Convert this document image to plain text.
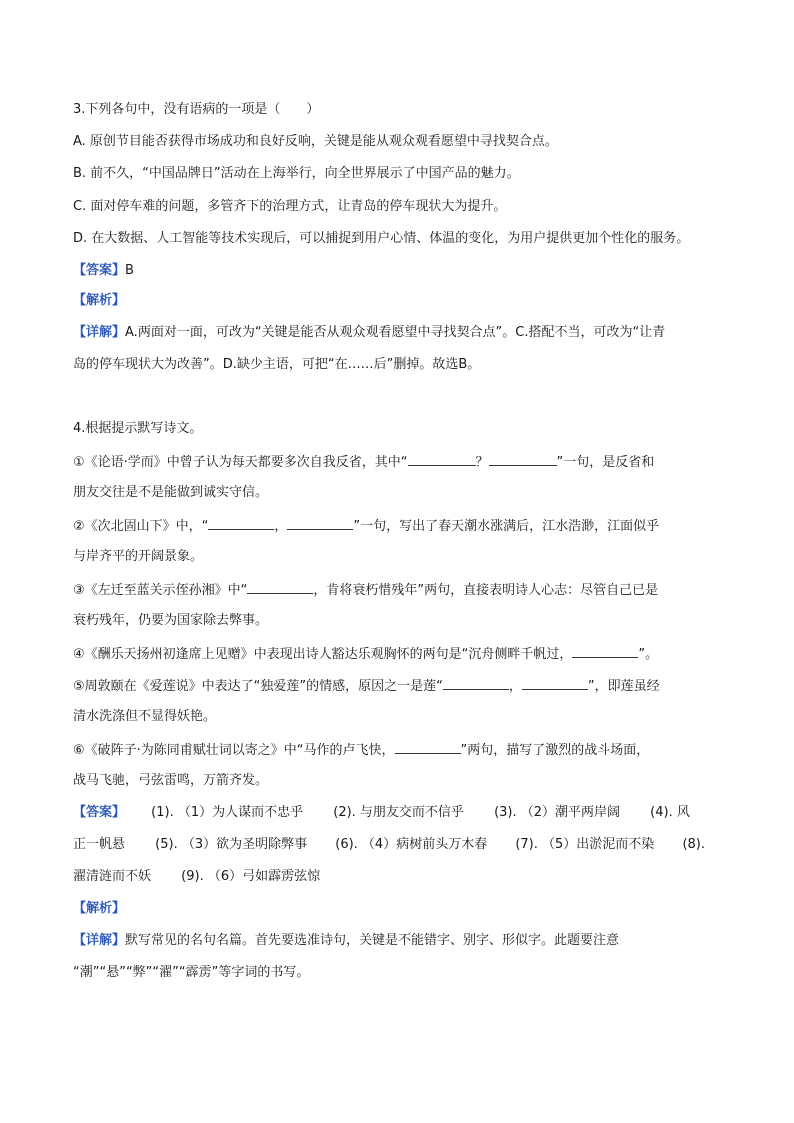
3.下列各句中，没有语病的一项是（　　）
A. 原创节目能否获得市场成功和良好反响，关键是能从观众观看愿望中寻找契合点。
B. 前不久，“中国品牌日”活动在上海举行，向全世界展示了中国产品的魅力。
C. 面对停车难的问题，多管齐下的治理方式，让青岛的停车现状大为提升。
D. 在大数据、人工智能等技术实现后，可以捕捉到用户心情、体温的变化，为用户提供更加个性化的服务。
【答案】B
【解析】
【详解】A.两面对一面，可改为“关键是能否从观众观看愿望中寻找契合点”。C.搭配不当，可改为“让青
岛的停车现状大为改善”。D.缺少主语，可把“在……后”删掉。故选B。
4.根据提示默写诗文。
①《论语·学而》中曾子认为每天都要多次自我反省，其中“	？	”一句，是反省和
朋友交往是不是能做到诚实守信。
②《次北固山下》中，“	，	”一句，写出了春天潮水涨满后，江水浩渺，江面似乎
与岸齐平的开阔景象。
③《左迁至蓝关示侄孙湘》中“	，肯将衰朽惜残年”两句，直接表明诗人心志：尽管自己已是
衰朽残年，仍要为国家除去弊事。
④《酬乐天扬州初逢席上见赠》中表现出诗人豁达乐观胸怀的两句是“沉舟侧畔千帆过，	”。
⑤周敦颐在《爱莲说》中表达了“独爱莲”的情感，原因之一是莲“	，	”，即莲虽经
清水洗涤但不显得妖艳。
⑥《破阵子·为陈同甫赋壮词以寄之》中“马作的卢飞快，	”两句，描写了激烈的战斗场面，
战马飞驰，弓弦雷鸣，万箭齐发。
【答案】 (1). （1）为人谋而不忠乎 (2). 与朋友交而不信乎 (3). （2）潮平两岸阔 (4). 风
正一帆悬 (5). （3）欲为圣明除弊事 (6). （4）病树前头万木春 (7). （5）出淤泥而不染 (8).
濯清涟而不妖 (9). （6）弓如霹雳弦惊
【解析】
【详解】默写常见的名句名篇。首先要选准诗句，关键是不能错字、别字、形似字。此题要注意
“潮”“悬”“弊”“濯”“霹雳”等字词的书写。
